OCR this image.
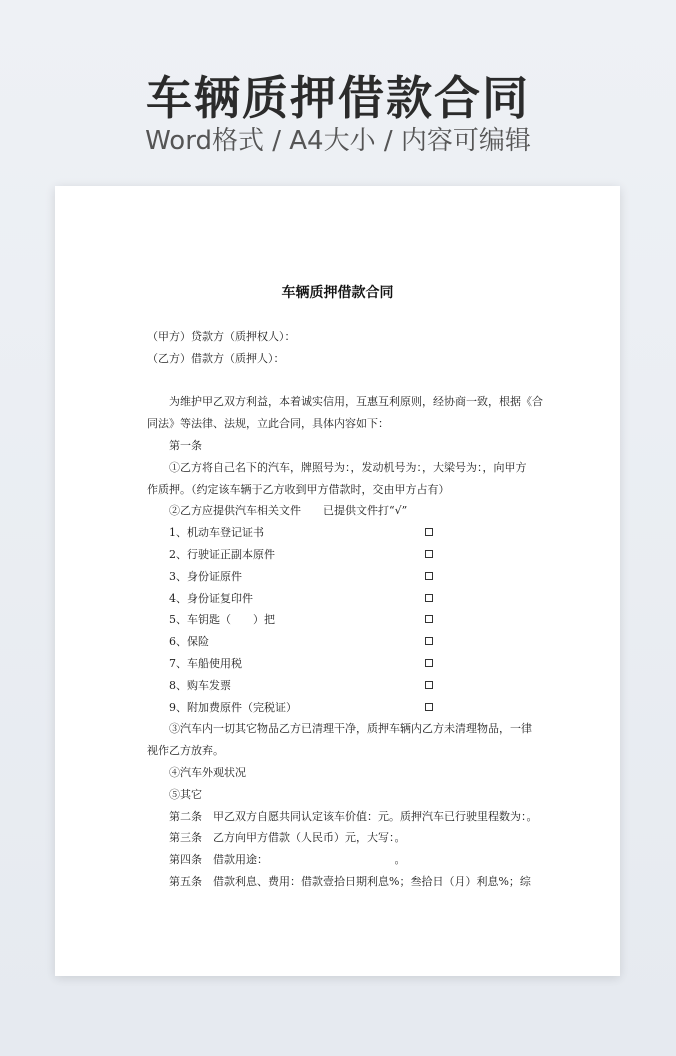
车辆质押借款合同
Word格式 / A4大小 / 内容可编辑
车辆质押借款合同
（甲方）贷款方（质押权人）：
（乙方）借款方（质押人）：
为维护甲乙双方利益，本着诚实信用，互惠互利原则，经协商一致，根据《合
同法》等法律、法规，立此合同，具体内容如下：
第一条
①乙方将自己名下的汽车，牌照号为：，发动机号为：，大梁号为：，向甲方
作质押。（约定该车辆于乙方收到甲方借款时，交由甲方占有）
②乙方应提供汽车相关文件　　已提供文件打“√”
1、机动车登记证书
2、行驶证正副本原件
3、身份证原件
4、身份证复印件
5、车钥匙（　　）把
6、保险
7、车船使用税
8、购车发票
9、附加费原件（完税证）
③汽车内一切其它物品乙方已清理干净，质押车辆内乙方未清理物品，一律
视作乙方放弃。
④汽车外观状况
⑤其它
第二条　甲乙双方自愿共同认定该车价值：元。质押汽车已行驶里程数为：。
第三条　乙方向甲方借款（人民币）元，大写：。
第四条　借款用途：　　　　　　　　　　　　。
第五条　借款利息、费用：借款壹拾日期利息%；叁拾日（月）利息%；综
